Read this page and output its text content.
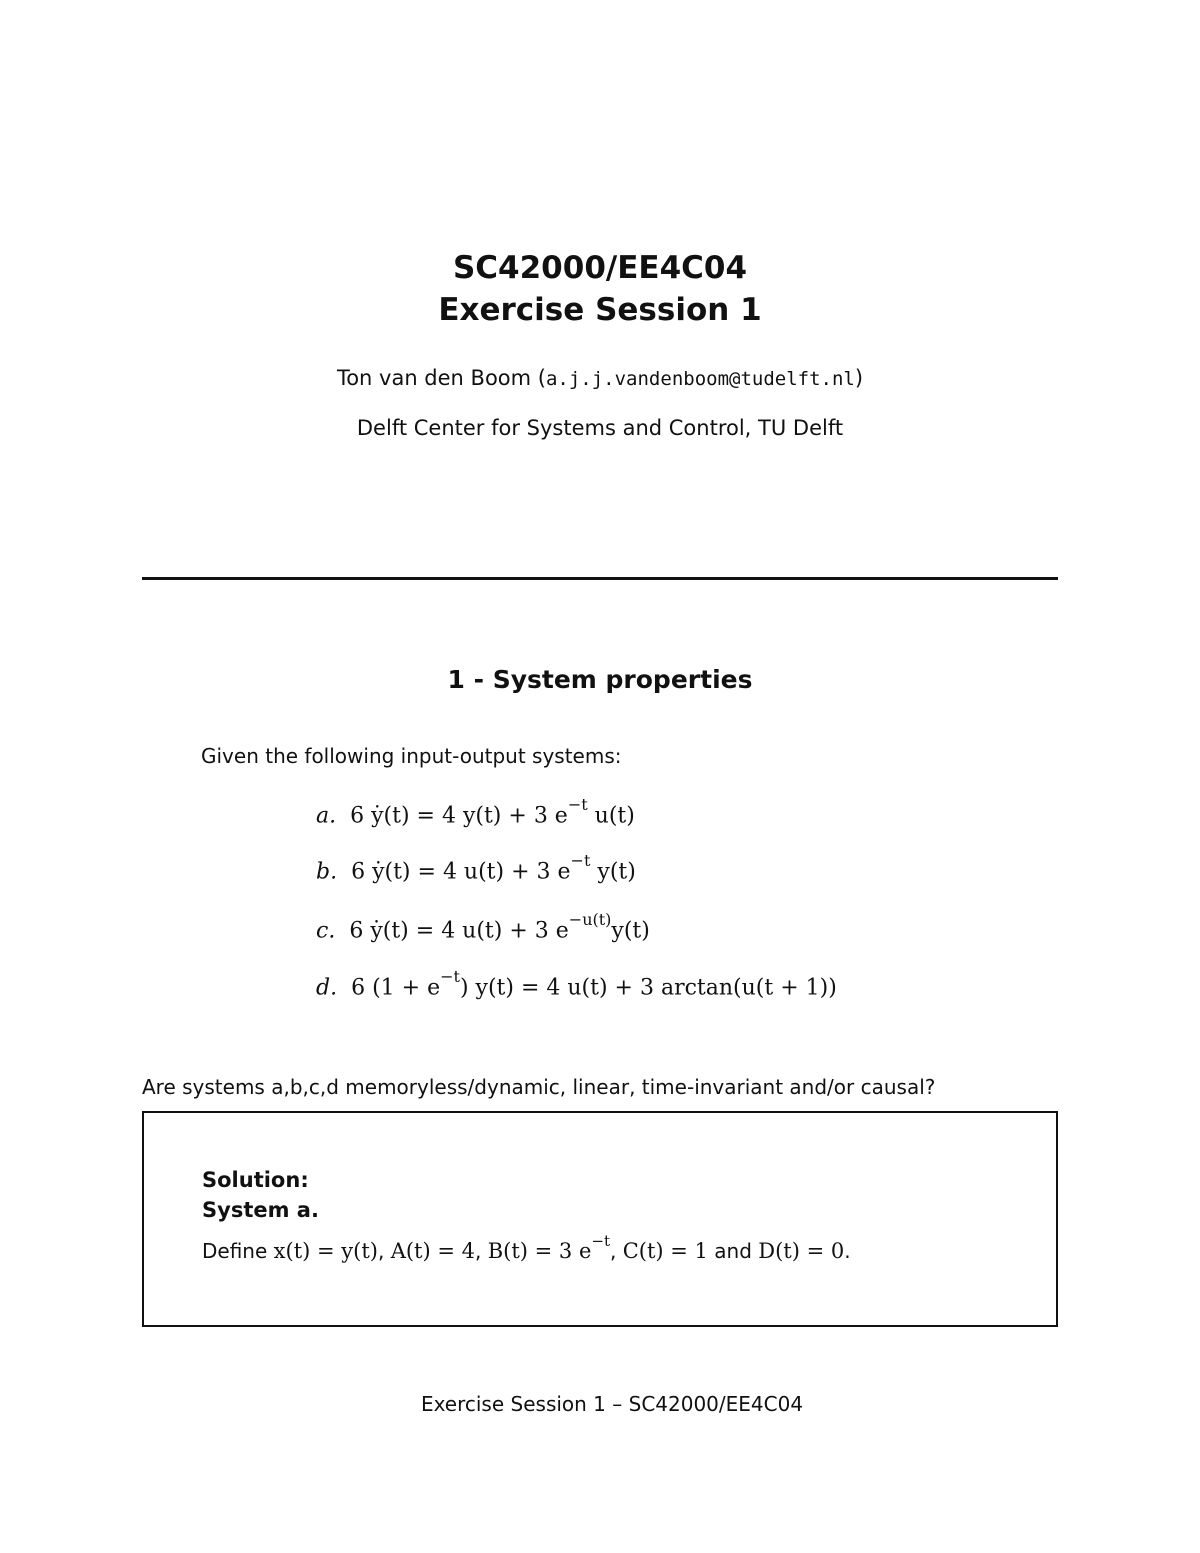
SC42000/EE4C04
Exercise Session 1
Ton van den Boom (a.j.j.vandenboom@tudelft.nl)
Delft Center for Systems and Control, TU Delft
1 - System properties
Given the following input-output systems:
a. 6 ẏ(t) = 4 y(t) + 3 $e^{-t}$ u(t)
b. 6 ẏ(t) = 4 u(t) + 3 $e^{-t}$ y(t)
c. 6 ẏ(t) = 4 u(t) + 3 $e^{-u(t)}y(t)$
d. 6 $(1 + e^{-t})$ y(t) = 4 u(t) + 3 arctan(u(t + 1))
Are systems a,b,c,d memoryless/dynamic, linear, time-invariant and/or causal?
Solution:
System a.
Define x(t) = y(t), A(t) = 4, B(t) = 3 $e^{-t}$, C(t) = 1 and D(t) = 0.
Exercise Session 1 – SC42000/EE4C04
